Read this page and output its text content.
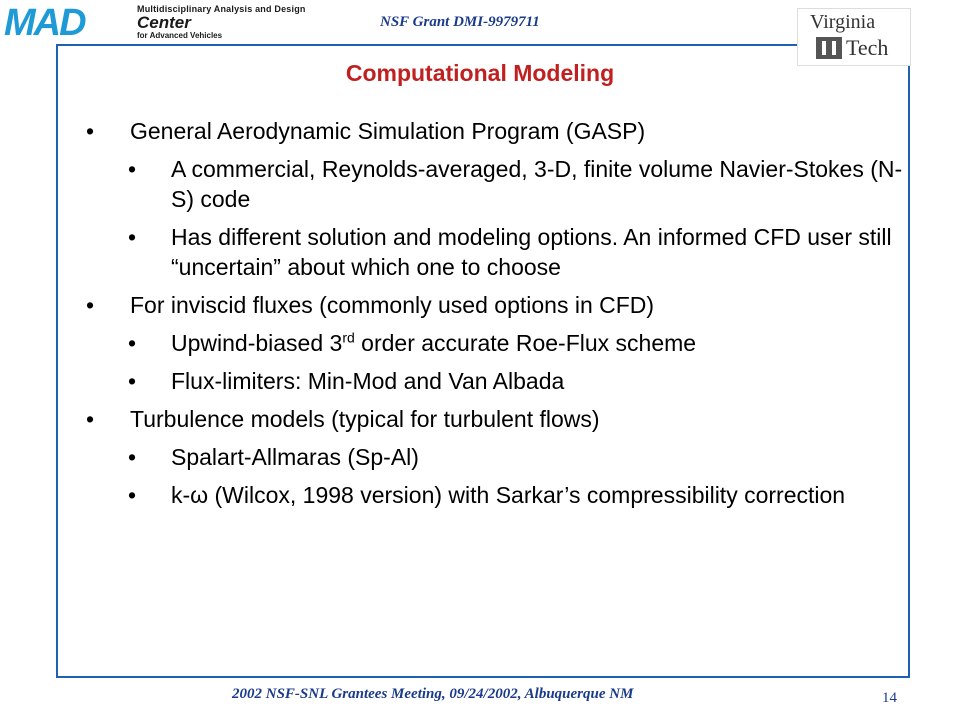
MAD	Multidisciplinary Analysis and Design
Center
for Advanced Vehicles
NSF Grant DMI-9979711	Virginia
Tech
Computational Modeling
• General Aerodynamic Simulation Program (GASP)
• A commercial, Reynolds-averaged, 3-D, finite volume Navier-Stokes (N-S) code
• Has different solution and modeling options. An informed CFD user still “uncertain” about which one to choose
• For inviscid fluxes (commonly used options in CFD)
• Upwind-biased 3rd order accurate Roe-Flux scheme
• Flux-limiters: Min-Mod and Van Albada
• Turbulence models (typical for turbulent flows)
• Spalart-Allmaras (Sp-Al)
• k-ω (Wilcox, 1998 version) with Sarkar’s compressibility correction
2002 NSF-SNL Grantees Meeting, 09/24/2002, Albuquerque NM	14
